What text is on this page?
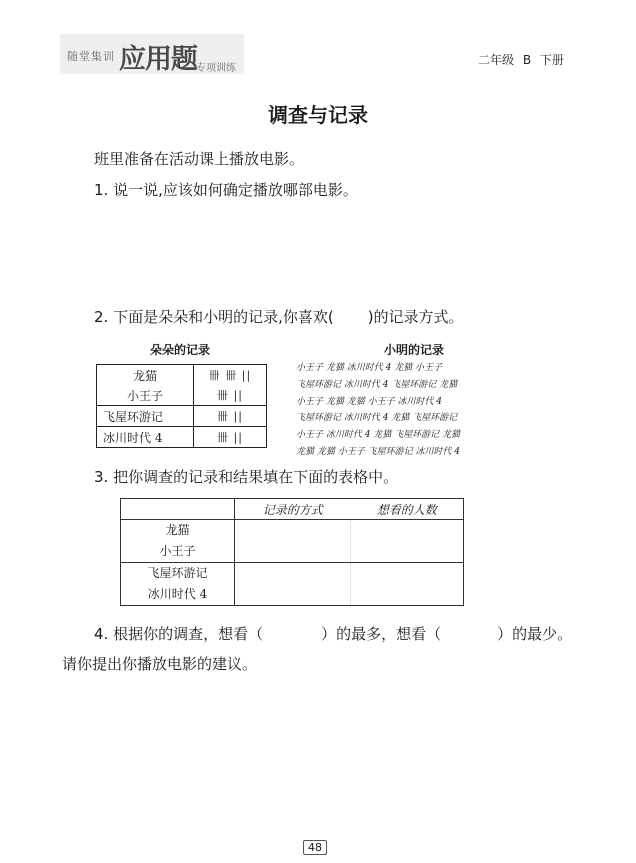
随堂集训 应用题 专项训练
二年级 B 下册
调查与记录
班里准备在活动课上播放电影。
1. 说一说,应该如何确定播放哪部电影。
2. 下面是朵朵和小明的记录,你喜欢( )的记录方式。
朵朵的记录	小明的记录
龙猫	卌 卌 ||
小王子	卌 ||
飞屋环游记	卌 ||
冰川时代 4	卌 ||
小王子 龙猫 冰川时代 4 龙猫 小王子
飞屋环游记 冰川时代 4 飞屋环游记 龙猫
小王子 龙猫 龙猫 小王子 冰川时代 4
飞屋环游记 冰川时代 4 龙猫 飞屋环游记
小王子 冰川时代 4 龙猫 飞屋环游记 龙猫
龙猫 龙猫 小王子 飞屋环游记 冰川时代 4
3. 把你调查的记录和结果填在下面的表格中。
	记录的方式	想看的人数

龙猫
小王子		

飞屋环游记
冰川时代 4		

4. 根据你的调查，想看（	）的最多，想看（	）的最少。
请你提出你播放电影的建议。
48
